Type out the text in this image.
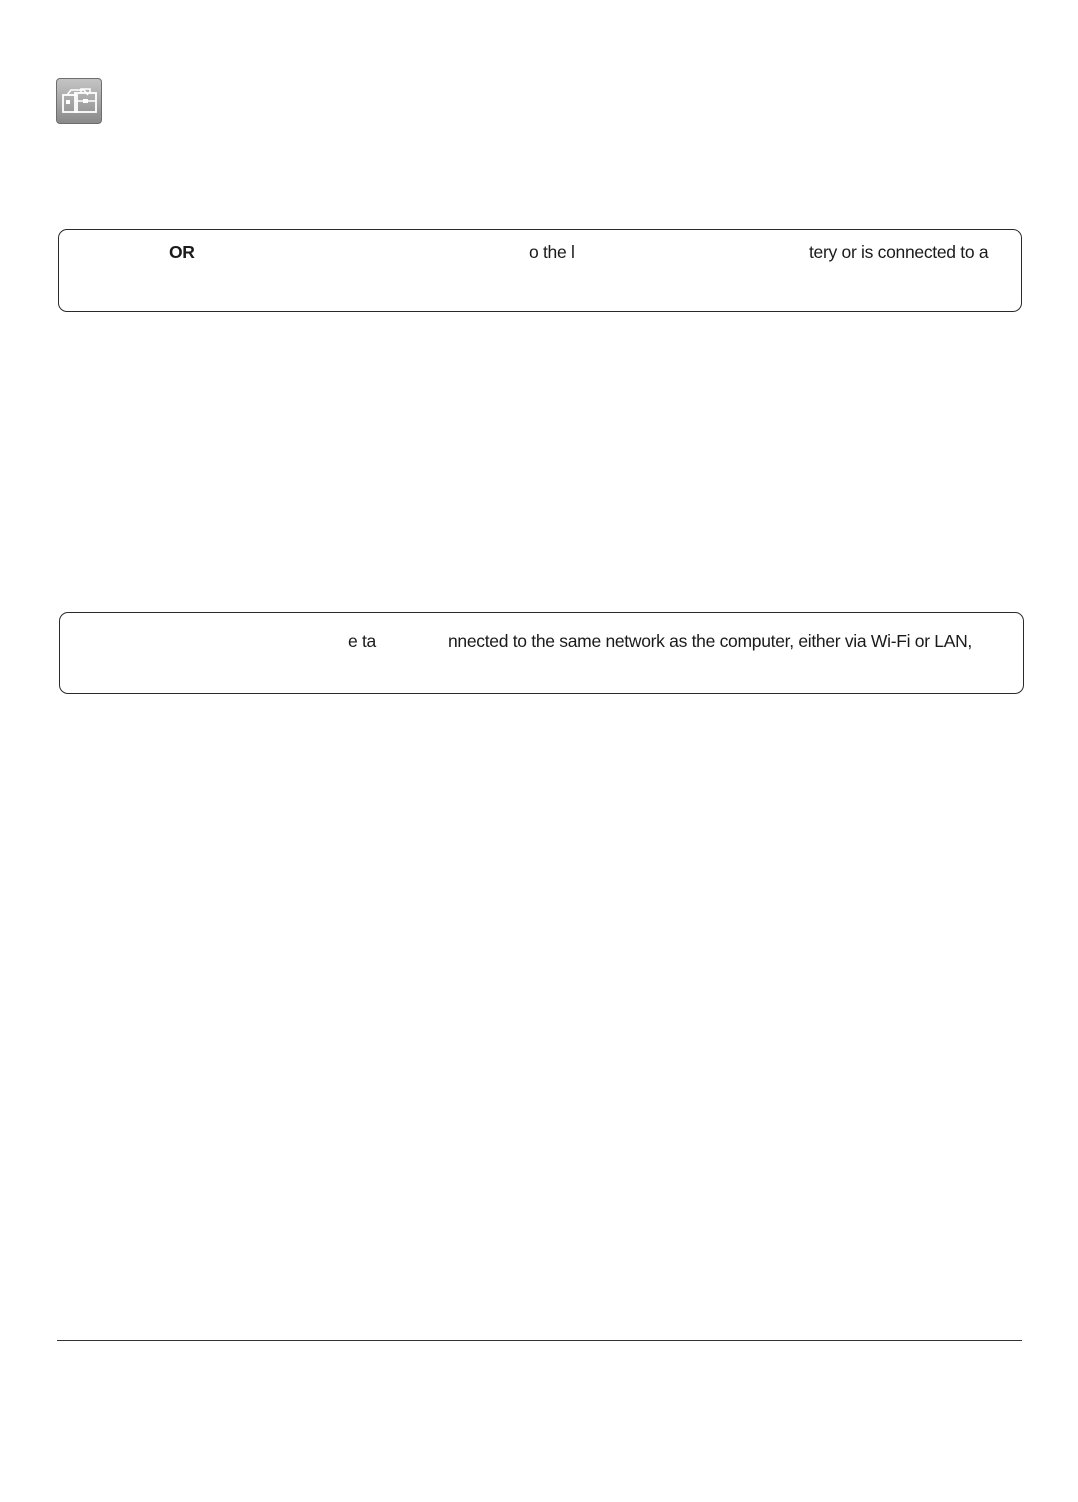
OR	o the l	tery or is connected to a
e ta	nnected to the same network as the computer, either via Wi-Fi or LAN,
